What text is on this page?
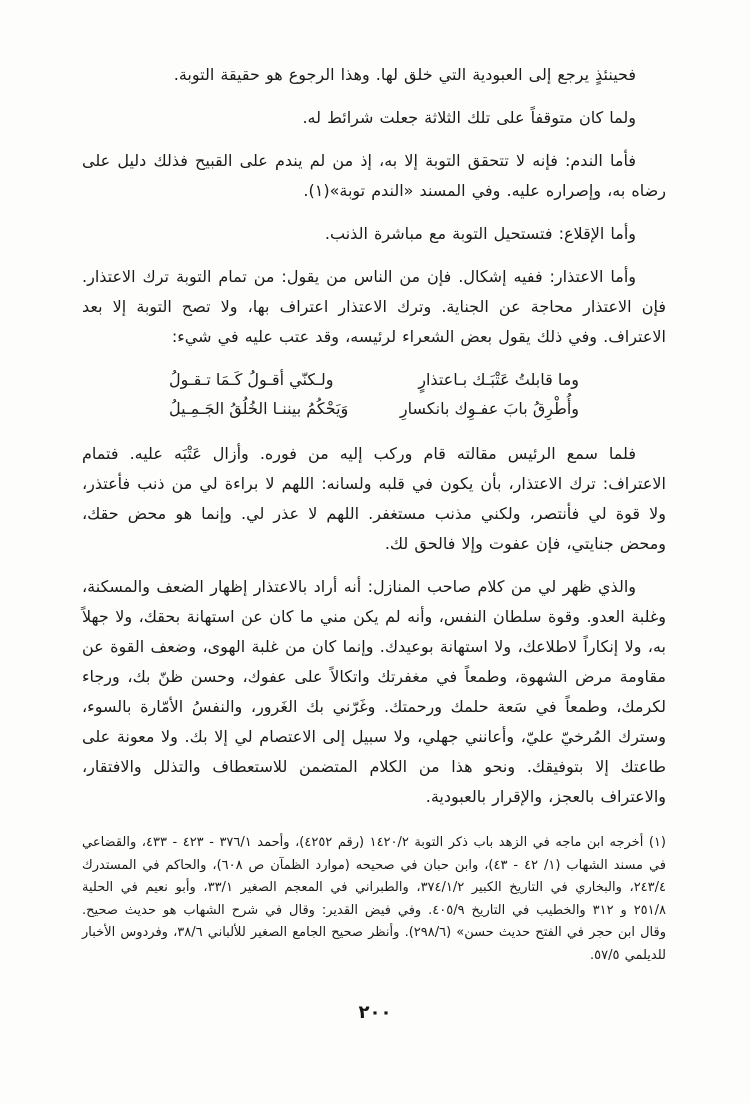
فحينئذٍ يرجع إلى العبودية التي خلق لها. وهذا الرجوع هو حقيقة التوبة.

ولما كان متوقفاً على تلك الثلاثة جعلت شرائط له.

فأما الندم: فإنه لا تتحقق التوبة إلا به، إذ من لم يندم على القبيح فذلك دليل على رضاه به، وإصراره عليه. وفي المسند «الندم توبة»(١).

وأما الإقلاع: فتستحيل التوبة مع مباشرة الذنب.

وأما الاعتذار: ففيه إشكال. فإن من الناس من يقول: من تمام التوبة ترك الاعتذار. فإن الاعتذار محاجة عن الجناية. وترك الاعتذار اعتراف بها، ولا تصح التوبة إلا بعد الاعتراف. وفي ذلك يقول بعض الشعراء لرئيسه، وقد عتب عليه في شيء:

وما قابلتُ عَتْبَـك بـاعتذارٍ
ولـكنّي أقـولُ كَـمَا تـقـولُ
وأُطْرِقُ بابَ عفـوِك بانكسارِ
وَيَحْكُمُ بيننـا الخُلُقُ الجَـمِـيلُ

فلما سمع الرئيس مقالته قام وركب إليه من فوره. وأزال عَتْبَه عليه. فتمام الاعتراف: ترك الاعتذار، بأن يكون في قلبه ولسانه: اللهم لا براءة لي من ذنب فأعتذر، ولا قوة لي فأنتصر، ولكني مذنب مستغفر. اللهم لا عذر لي. وإنما هو محض حقك، ومحض جنايتي، فإن عفوت وإلا فالحق لك.

والذي ظهر لي من كلام صاحب المنازل: أنه أراد بالاعتذار إظهار الضعف والمسكنة، وغلبة العدو. وقوة سلطان النفس، وأنه لم يكن مني ما كان عن استهانة بحقك، ولا جهلاً به، ولا إنكاراً لاطلاعك، ولا استهانة بوعيدك. وإنما كان من غلبة الهوى، وضعف القوة عن مقاومة مرض الشهوة، وطمعاً في مغفرتك واتكالاً على عفوك، وحسن ظنّ بك، ورجاء لكرمك، وطمعاً في سَعة حلمك ورحمتك. وغَرّني بك الغَرور، والنفسُ الأمّارة بالسوء، وسترك المُرخيّ عليّ، وأعانني جهلي، ولا سبيل إلى الاعتصام لي إلا بك. ولا معونة على طاعتك إلا بتوفيقك. ونحو هذا من الكلام المتضمن للاستعطاف والتذلل والافتقار، والاعتراف بالعجز، والإقرار بالعبودية.

(١) أخرجه ابن ماجه في الزهد باب ذكر التوبة ١٤٢٠/٢ (رقم ٤٢٥٢)، وأحمد ٣٧٦/١ - ٤٢٣ - ٤٣٣، والقضاعي في مسند الشهاب (١/ ٤٢ - ٤٣)، وابن حبان في صحيحه (موارد الظمآن ص ٦٠٨)، والحاكم في المستدرك ٢٤٣/٤، والبخاري في التاريخ الكبير ٣٧٤/١/٢، والطبراني في المعجم الصغير ٣٣/١، وأبو نعيم في الحلية ٢٥١/٨ و ٣١٢ والخطيب في التاريخ ٤٠٥/٩. وفي فيض القدير: وقال في شرح الشهاب هو حديث صحيح. وقال ابن حجر في الفتح حديث حسن» (٢٩٨/٦). وأنظر صحيح الجامع الصغير للألباني ٣٨/٦، وفردوس الأخبار للديلمي ٥٧/٥.

٢٠٠
